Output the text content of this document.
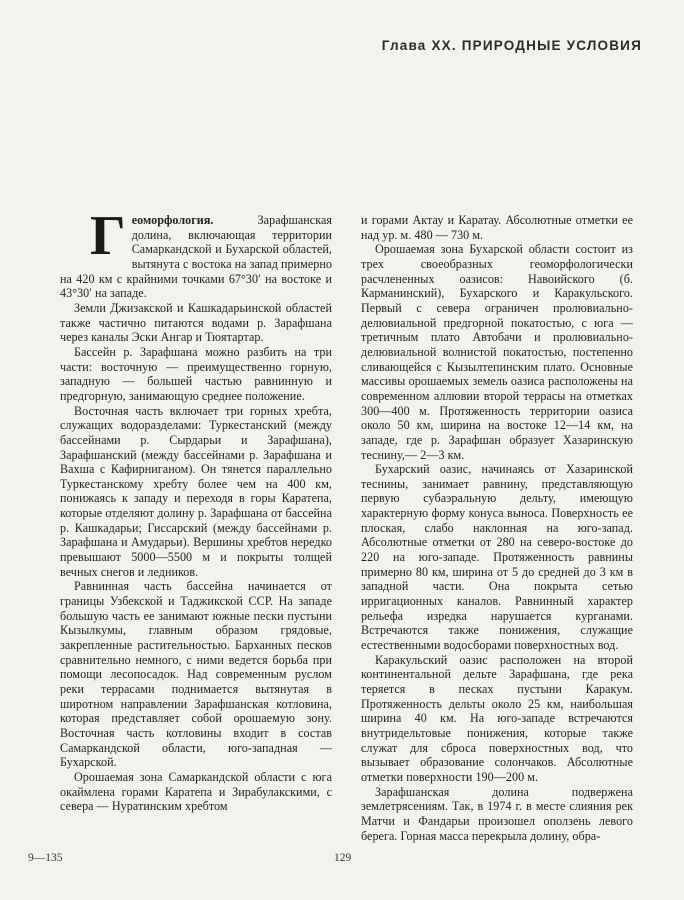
Глава XX. ПРИРОДНЫЕ УСЛОВИЯ

Геоморфология. Зарафшанская долина, включающая территории Самаркандской и Бухарской областей, вытянута с востока на запад примерно на 420 км с крайними точками 67°30′ на востоке и 43°30′ на западе.

Земли Джизакской и Кашкадарьинской областей также частично питаются водами р. Зарафшана через каналы Эски Ангар и Тюятартар.

Бассейн р. Зарафшана можно разбить на три части: восточную — преимущественно горную, западную — большей частью равнинную и предгорную, занимающую среднее положение.

Восточная часть включает три горных хребта, служащих водоразделами: Туркестанский (между бассейнами р. Сырдарьи и Зарафшана), Зарафшанский (между бассейнами р. Зарафшана и Вахша с Кафирниганом). Он тянется параллельно Туркестанскому хребту более чем на 400 км, понижаясь к западу и переходя в горы Каратепа, которые отделяют долину р. Зарафшана от бассейна р. Кашкадарьи; Гиссарский (между бассейнами р. Зарафшана и Амударьи). Вершины хребтов нередко превышают 5000—5500 м и покрыты толщей вечных снегов и ледников.

Равнинная часть бассейна начинается от границы Узбекской и Таджикской ССР. На западе большую часть ее занимают южные пески пустыни Кызылкумы, главным образом грядовые, закрепленные растительностью. Барханных песков сравнительно немного, с ними ведется борьба при помощи лесопосадок. Над современным руслом реки террасами поднимается вытянутая в широтном направлении Зарафшанская котловина, которая представляет собой орошаемую зону. Восточная часть котловины входит в состав Самаркандской области, юго-западная — Бухарской.

Орошаемая зона Самаркандской области с юга окаймлена горами Каратепа и Зирабулакскими, с севера — Нуратинским хребтом

и горами Актау и Каратау. Абсолютные отметки ее над ур. м. 480 — 730 м.

Орошаемая зона Бухарской области состоит из трех своеобразных геоморфологически расчлененных оазисов: Навоийского (б. Карманинский), Бухарского и Каракульского. Первый с севера ограничен пролювиально-делювиальной предгорной покатостью, с юга — третичным плато Автобачи и пролювиально-делювиальной волнистой покатостью, постепенно сливающейся с Кызылтепинским плато. Основные массивы орошаемых земель оазиса расположены на современном аллювии второй террасы на отметках 300—400 м. Протяженность территории оазиса около 50 км, ширина на востоке 12—14 км, на западе, где р. Зарафшан образует Хазаринскую теснину,— 2—3 км.

Бухарский оазис, начинаясь от Хазаринской теснины, занимает равнину, представляющую первую субаэральную дельту, имеющую характерную форму конуса выноса. Поверхность ее плоская, слабо наклонная на юго-запад. Абсолютные отметки от 280 на северо-востоке до 220 на юго-западе. Протяженность равнины примерно 80 км, ширина от 5 до средней до 3 км в западной части. Она покрыта сетью ирригационных каналов. Равнинный характер рельефа изредка нарушается курганами. Встречаются также понижения, служащие естественными водосборами поверхностных вод.

Каракульский оазис расположен на второй континентальной дельте Зарафшана, где река теряется в песках пустыни Каракум. Протяженность дельты около 25 км, наибольшая ширина 40 км. На юго-западе встречаются внутридельтовые понижения, которые также служат для сброса поверхностных вод, что вызывает образование солончаков. Абсолютные отметки поверхности 190—200 м.

Зарафшанская долина подвержена землетрясениям. Так, в 1974 г. в месте слияния рек Матчи и Фандарьи произошел оползень левого берега. Горная масса перекрыла долину, обра-

9—135	129
